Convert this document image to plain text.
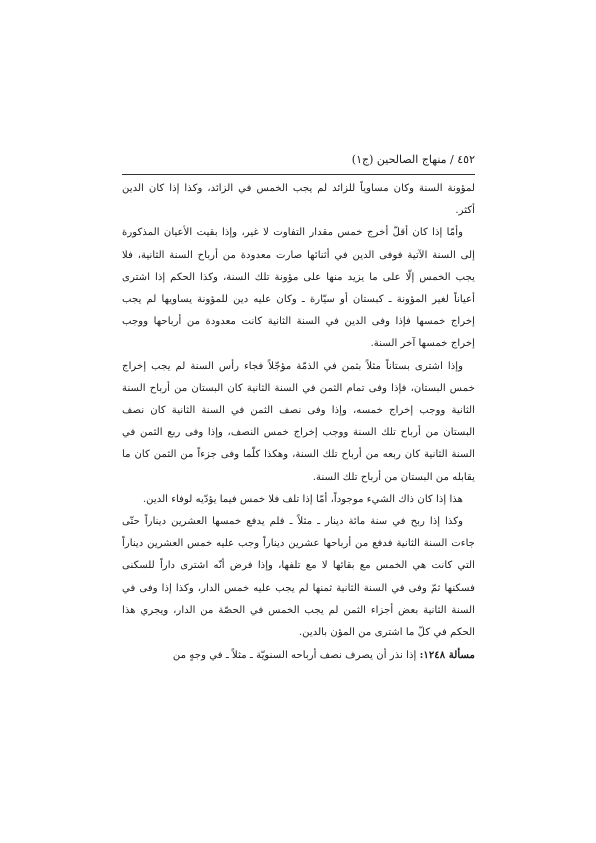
٤٥٢ / منهاج الصالحين (ج١)

لمؤونة السنة وكان مساوياً للزائد لم يجب الخمس في الزائد، وكذا إذا كان الدين أكثر.

وأمّا إذا كان أقلّ أخرج خمس مقدار التفاوت لا غير، وإذا بقيت الأعيان المذكورة إلى السنة الآتية فوفى الدين في أثنائها صارت معدودة من أرباح السنة الثانية، فلا يجب الخمس إلّا على ما يزيد منها على مؤونة تلك السنة، وكذا الحكم إذا اشترى أعياناً لغير المؤونة ـ كبستان أو سيّارة ـ وكان عليه دين للمؤونة يساويها لم يجب إخراج خمسها فإذا وفى الدين في السنة الثانية كانت معدودة من أرباحها ووجب إخراج خمسها آخر السنة.

وإذا اشترى بستاناً مثلاً بثمن في الذمّة مؤجّلاً فجاء رأس السنة لم يجب إخراج خمس البستان، فإذا وفى تمام الثمن في السنة الثانية كان البستان من أرباح السنة الثانية ووجب إخراج خمسه، وإذا وفى نصف الثمن في السنة الثانية كان نصف البستان من أرباح تلك السنة ووجب إخراج خمس النصف، وإذا وفى ربع الثمن في السنة الثانية كان ربعه من أرباح تلك السنة، وهكذا كلّما وفى جزءاً من الثمن كان ما يقابله من البستان من أرباح تلك السنة.

هذا إذا كان ذاك الشيء موجوداً، أمّا إذا تلف فلا خمس فيما يؤدّيه لوفاء الدين.

وكذا إذا ربح في سنة مائة دينار ـ مثلاً ـ فلم يدفع خمسها العشرين ديناراً حتّى جاءت السنة الثانية فدفع من أرباحها عشرين ديناراً وجب عليه خمس العشرين ديناراً التي كانت هي الخمس مع بقائها لا مع تلفها، وإذا فرض أنّه اشترى داراً للسكنى فسكنها ثمّ وفى في السنة الثانية ثمنها لم يجب عليه خمس الدار، وكذا إذا وفى في السنة الثانية بعض أجزاء الثمن لم يجب الخمس في الحصّة من الدار، ويجري هذا الحكم في كلّ ما اشترى من المؤن بالدين.

مسألة ١٢٤٨: إذا نذر أن يصرف نصف أرباحه السنويّة ـ مثلاً ـ في وجهٍ من
